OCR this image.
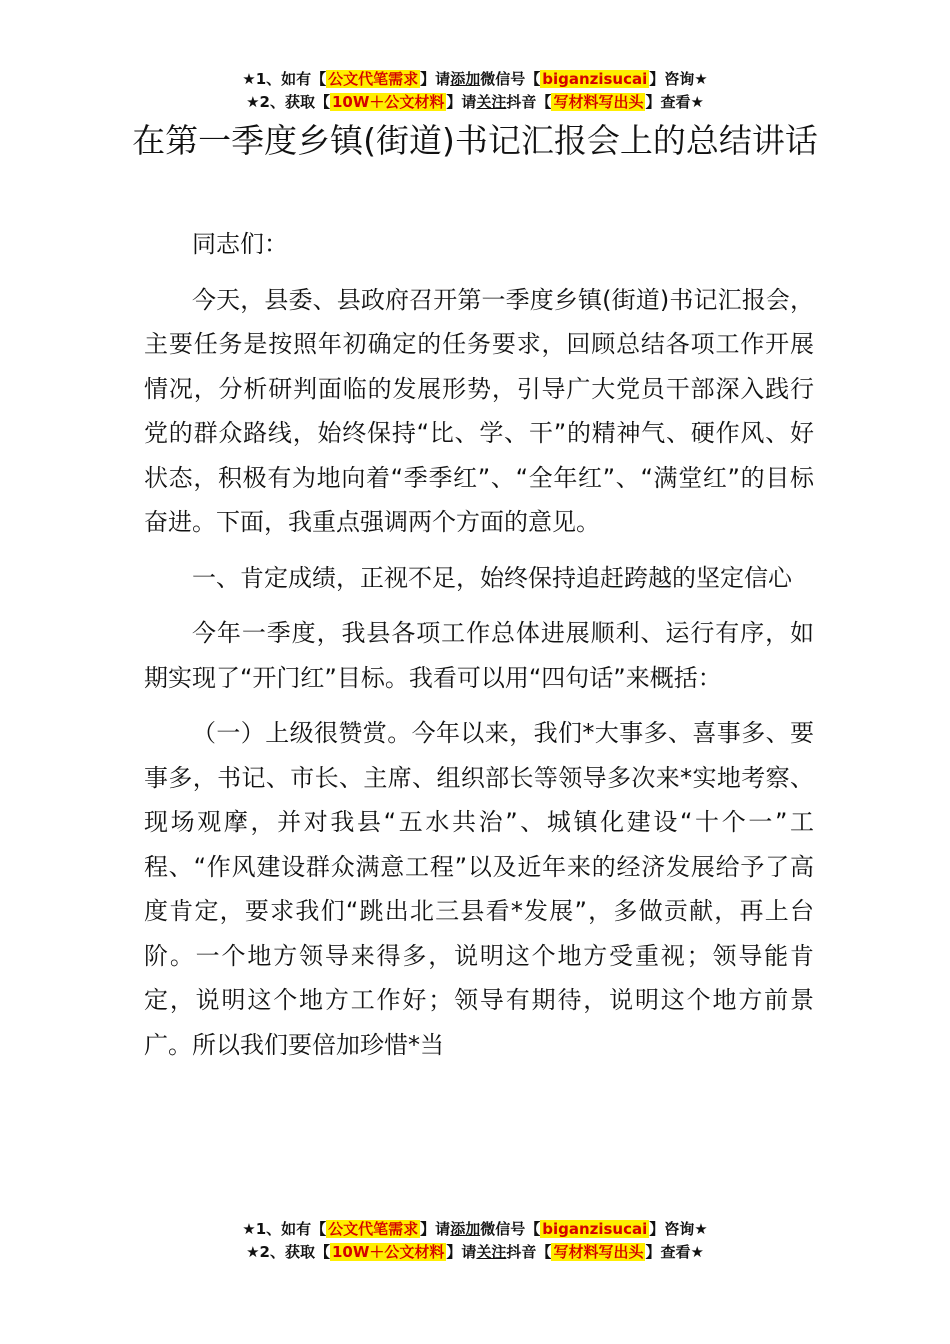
★1、如有【 公文代笔需求 】请添加微信号【 biganzisucai 】咨询★
★2、获取【 10W＋公文材料 】请关注抖音【 写材料写出头 】查看★
在第一季度乡镇(街道)书记汇报会上的总结讲话

同志们：

今天，县委、县政府召开第一季度乡镇(街道)书记汇报会，主要任务是按照年初确定的任务要求，回顾总结各项工作开展情况，分析研判面临的发展形势，引导广大党员干部深入践行党的群众路线，始终保持“比、学、干”的精神气、硬作风、好状态，积极有为地向着“季季红”、“全年红”、“满堂红”的目标奋进。下面，我重点强调两个方面的意见。

一、肯定成绩，正视不足，始终保持追赶跨越的坚定信心

今年一季度，我县各项工作总体进展顺利、运行有序，如期实现了“开门红”目标。我看可以用“四句话”来概括：

（一）上级很赞赏。今年以来，我们*大事多、喜事多、要事多，书记、市长、主席、组织部长等领导多次来*实地考察、现场观摩，并对我县“五水共治”、城镇化建设“十个一”工程、“作风建设群众满意工程”以及近年来的经济发展给予了高度肯定，要求我们“跳出北三县看*发展”，多做贡献，再上台阶。一个地方领导来得多，说明这个地方受重视；领导能肯定，说明这个地方工作好；领导有期待，说明这个地方前景广。所以我们要倍加珍惜*当

★1、如有【 公文代笔需求 】请添加微信号【 biganzisucai 】咨询★
★2、获取【 10W＋公文材料 】请关注抖音【 写材料写出头 】查看★
